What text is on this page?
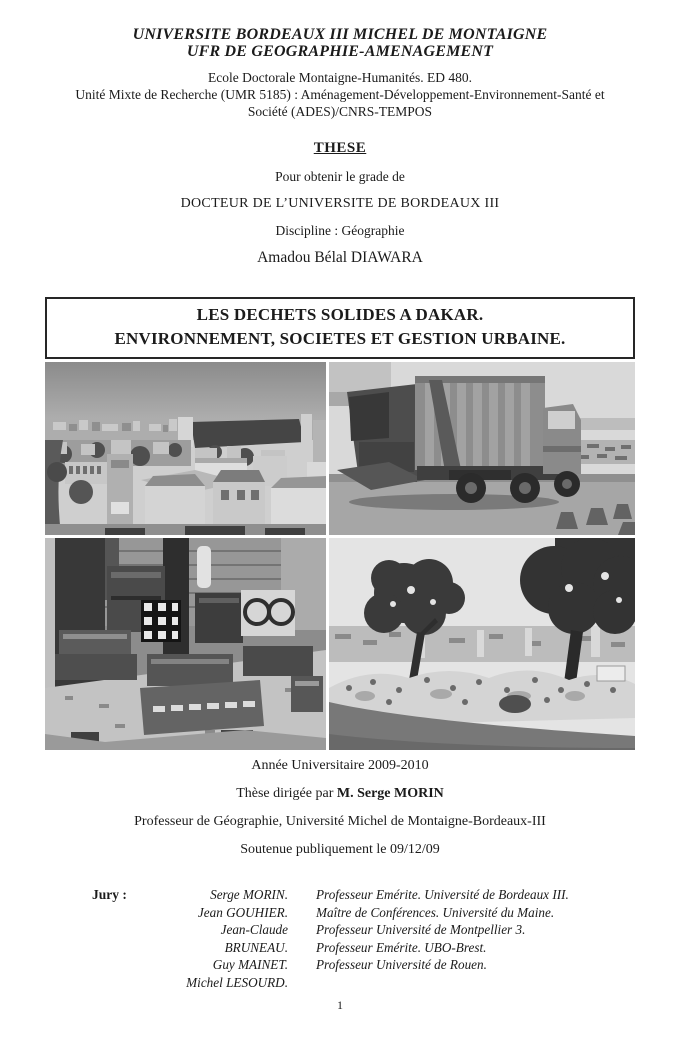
UNIVERSITE BORDEAUX III MICHEL DE MONTAIGNE
UFR DE GEOGRAPHIE-AMENAGEMENT
Ecole Doctorale Montaigne-Humanités. ED 480.
Unité Mixte de Recherche (UMR 5185) : Aménagement-Développement-Environnement-Santé et
Société (ADES)/CNRS-TEMPOS
THESE
Pour obtenir le grade de
DOCTEUR DE L’UNIVERSITE DE BORDEAUX III
Discipline : Géographie
Amadou Bélal DIAWARA
LES DECHETS SOLIDES A DAKAR.
ENVIRONNEMENT, SOCIETES ET GESTION URBAINE.
Année Universitaire 2009-2010
Thèse dirigée par M. Serge MORIN
Professeur de Géographie, Université Michel de Montaigne-Bordeaux-III
Soutenue publiquement le 09/12/09
Jury :	Serge MORIN.
Jean GOUHIER.
Jean-Claude BRUNEAU.
Guy MAINET.
Michel LESOURD.
Professeur Emérite. Université de Bordeaux III.
Maître de Conférences. Université du Maine.
Professeur Université de Montpellier 3.
Professeur Emérite. UBO-Brest.
Professeur Université de Rouen.
1
